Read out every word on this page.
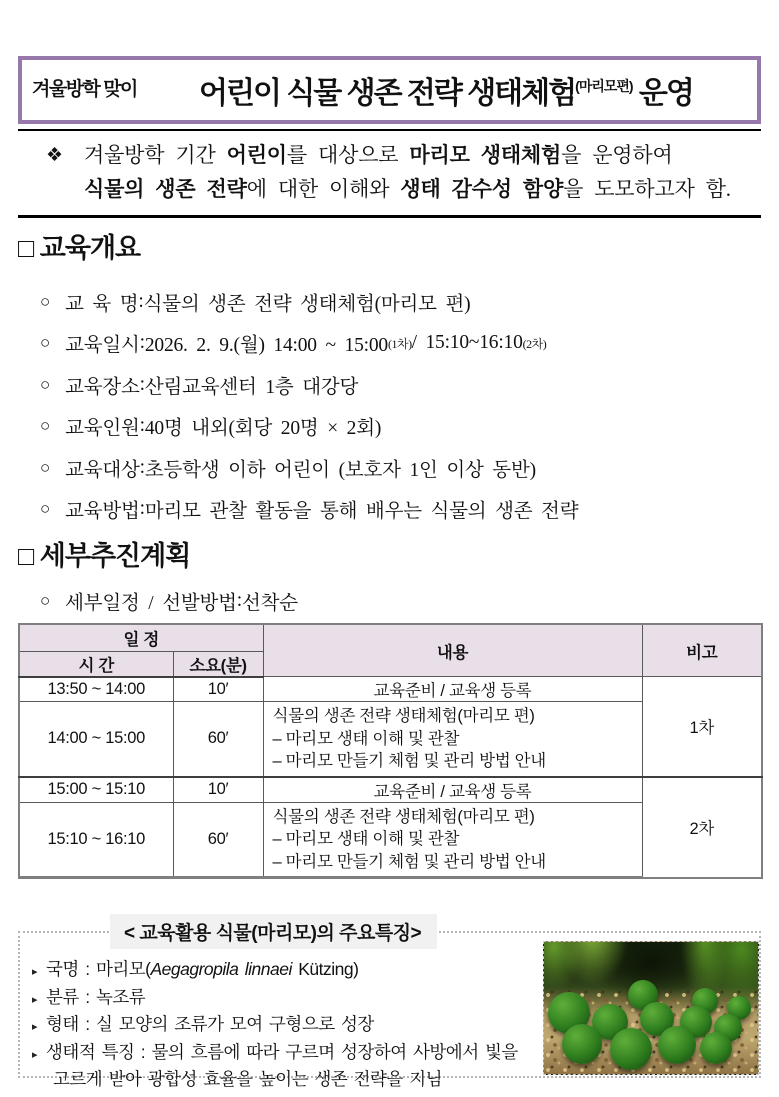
겨울방학 맞이	어린이 식물 생존 전략 생태체험$^{(마리모편)}$ 운영
❖ 겨울방학 기간 어린이를 대상으로 마리모 생태체험을 운영하여
식물의 생존 전략에 대한 이해와 생태 감수성 함양을 도모하고자 함.
□ 교육개요
○ 교 육 명 : 식물의 생존 전략 생태체험(마리모 편)
○ 교육일시 : 2026. 2. 9.(월) 14:00 ~ 15:00 (1차) / 15:10~16:10 (2차)
○ 교육장소 : 산림교육센터 1층 대강당
○ 교육인원 : 40명 내외(회당 20명 × 2회)
○ 교육대상 : 초등학생 이하 어린이 (보호자 1인 이상 동반)
○ 교육방법 : 마리모 관찰 활동을 통해 배우는 식물의 생존 전략
□ 세부추진계획
○ 세부일정 / 선발방법 : 선착순
일 정		내용	비고
시 간	소요(분)		
13:50 ~ 14:00	10′	교육준비 / 교육생 등록	1차
14:00 ~ 15:00	60′	식물의 생존 전략 생태체험(마리모 편)
– 마리모 생태 이해 및 관찰
– 마리모 만들기 체험 및 관리 방법 안내	

15:00 ~ 15:10	10′	교육준비 / 교육생 등록	2차
15:10 ~ 16:10	60′	식물의 생존 전략 생태체험(마리모 편)
– 마리모 생태 이해 및 관찰
– 마리모 만들기 체험 및 관리 방법 안내	
< 교육활용 식물(마리모)의 주요특징>
▸ 국명 : 마리모(Aegagropila linnaei Kützing)
▸ 분류 : 녹조류
▸ 형태 : 실 모양의 조류가 모여 구형으로 성장
▸ 생태적 특징 : 물의 흐름에 따라 구르며 성장하여 사방에서 빛을 고르게 받아 광합성 효율을 높이는 생존 전략을 지님
